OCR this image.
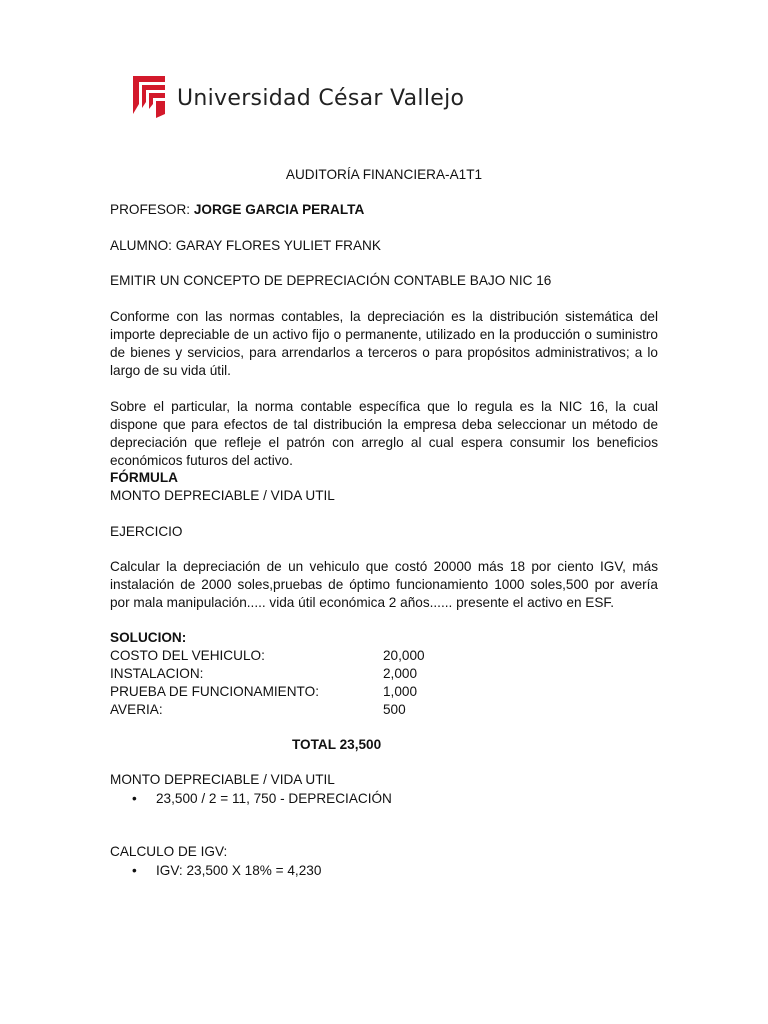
Universidad César Vallejo

AUDITORÍA FINANCIERA-A1T1

PROFESOR: JORGE GARCIA PERALTA

ALUMNO: GARAY FLORES YULIET FRANK

EMITIR UN CONCEPTO DE DEPRECIACIÓN CONTABLE BAJO NIC 16

Conforme con las normas contables, la depreciación es la distribución sistemática del importe depreciable de un activo fijo o permanente, utilizado en la producción o suministro de bienes y servicios, para arrendarlos a terceros o para propósitos administrativos; a lo largo de su vida útil.

Sobre el particular, la norma contable específica que lo regula es la NIC 16, la cual dispone que para efectos de tal distribución la empresa deba seleccionar un método de depreciación que refleje el patrón con arreglo al cual espera consumir los beneficios económicos futuros del activo.

FÓRMULA

MONTO DEPRECIABLE / VIDA UTIL

EJERCICIO

Calcular la depreciación de un vehiculo que costó 20000 más 18 por ciento IGV, más instalación de 2000 soles,pruebas de óptimo funcionamiento 1000 soles,500 por avería por mala manipulación..... vida útil económica 2 años...... presente el activo en ESF.

SOLUCION:

COSTO DEL VEHICULO:	20,000
INSTALACION:	2,000
PRUEBA DE FUNCIONAMIENTO:	1,000
AVERIA:	500

TOTAL 23,500

MONTO DEPRECIABLE / VIDA UTIL

•	23,500 / 2 = 11, 750 - DEPRECIACIÓN

CALCULO DE IGV:

•	IGV: 23,500 X 18% = 4,230
